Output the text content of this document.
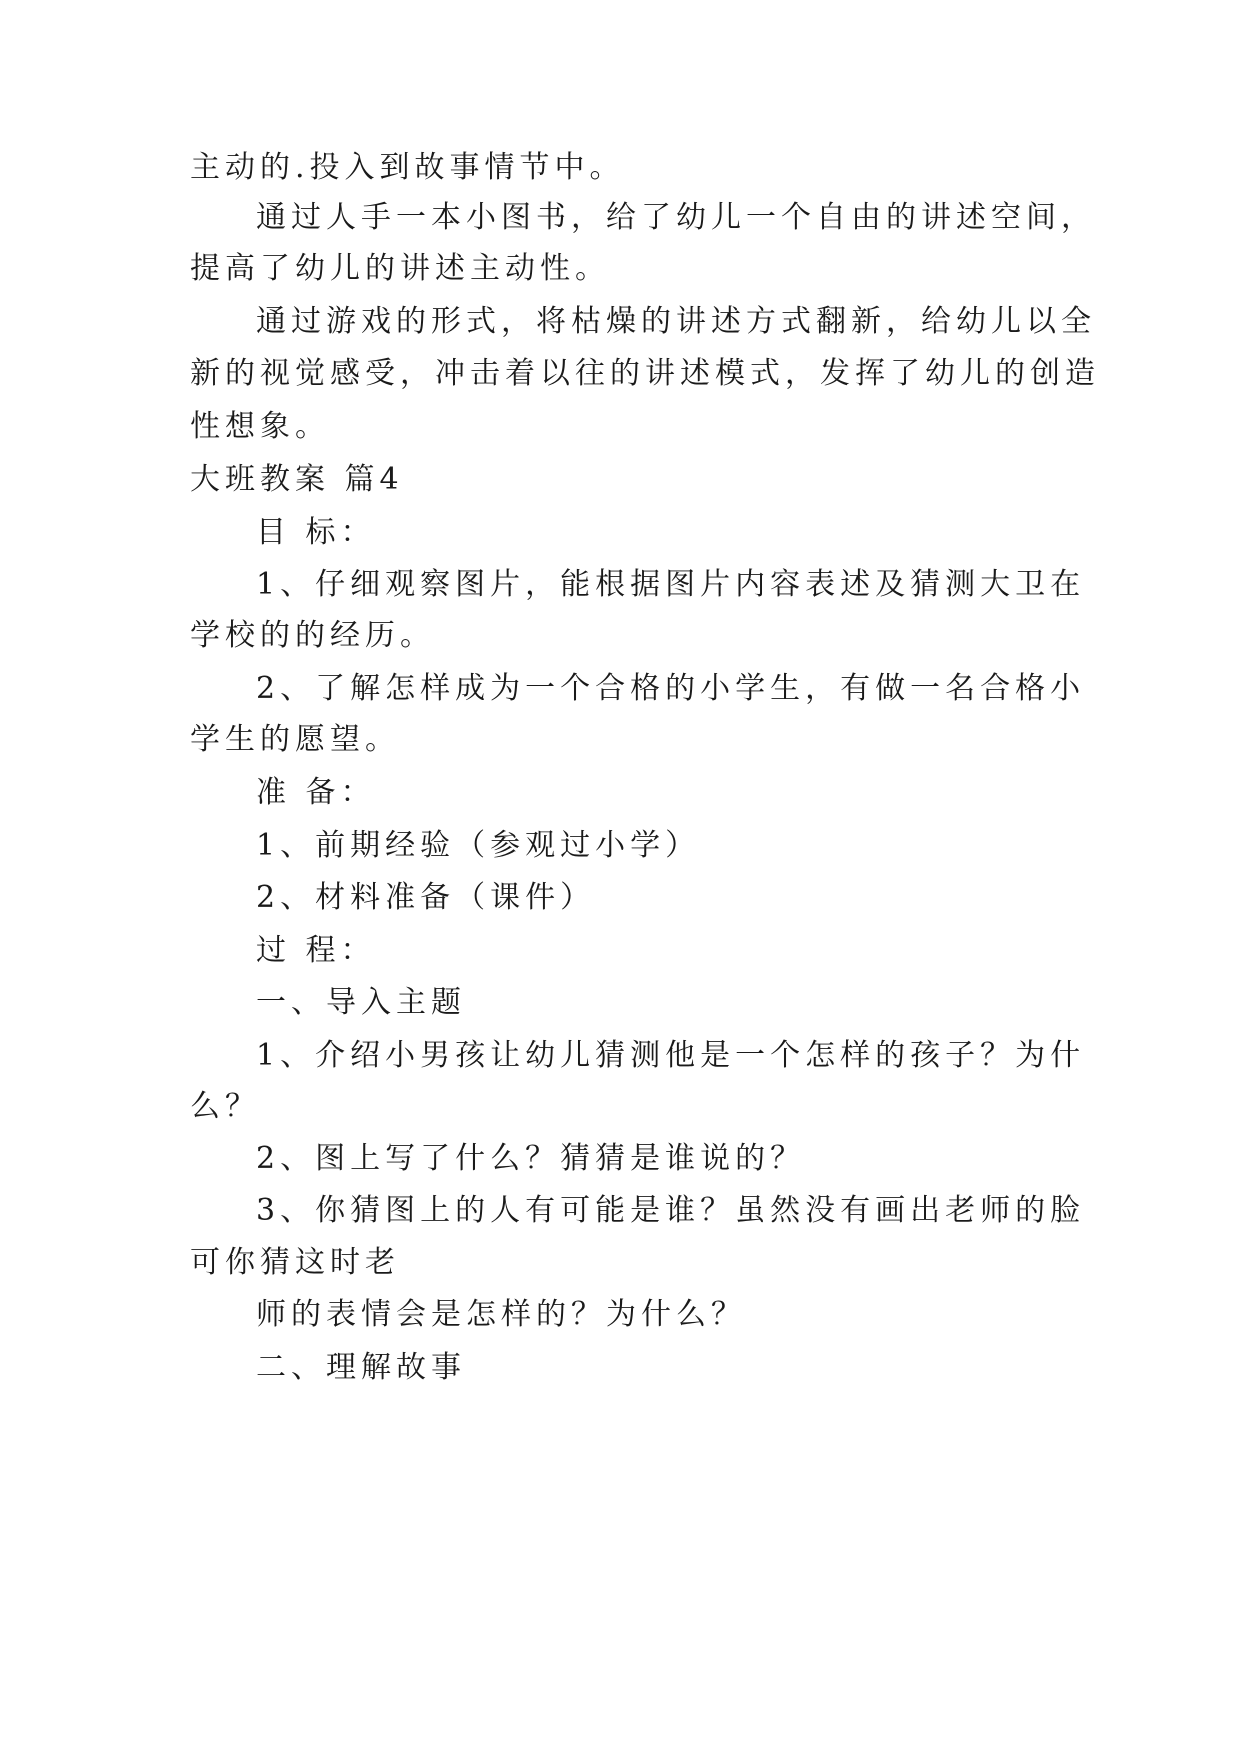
主动的.投入到故事情节中。
通过人手一本小图书，给了幼儿一个自由的讲述空间，
提高了幼儿的讲述主动性。
通过游戏的形式，将枯燥的讲述方式翻新，给幼儿以全
新的视觉感受，冲击着以往的讲述模式，发挥了幼儿的创造
性想象。
大班教案 篇4
目 标：
1、仔细观察图片，能根据图片内容表述及猜测大卫在
学校的的经历。
2、了解怎样成为一个合格的小学生，有做一名合格小
学生的愿望。
准 备：
1、前期经验（参观过小学）
2、材料准备（课件）
过 程：
一、导入主题
1、介绍小男孩让幼儿猜测他是一个怎样的孩子？为什
么？
2、图上写了什么？猜猜是谁说的？
3、你猜图上的人有可能是谁？虽然没有画出老师的脸
可你猜这时老
师的表情会是怎样的？为什么？
二、理解故事
